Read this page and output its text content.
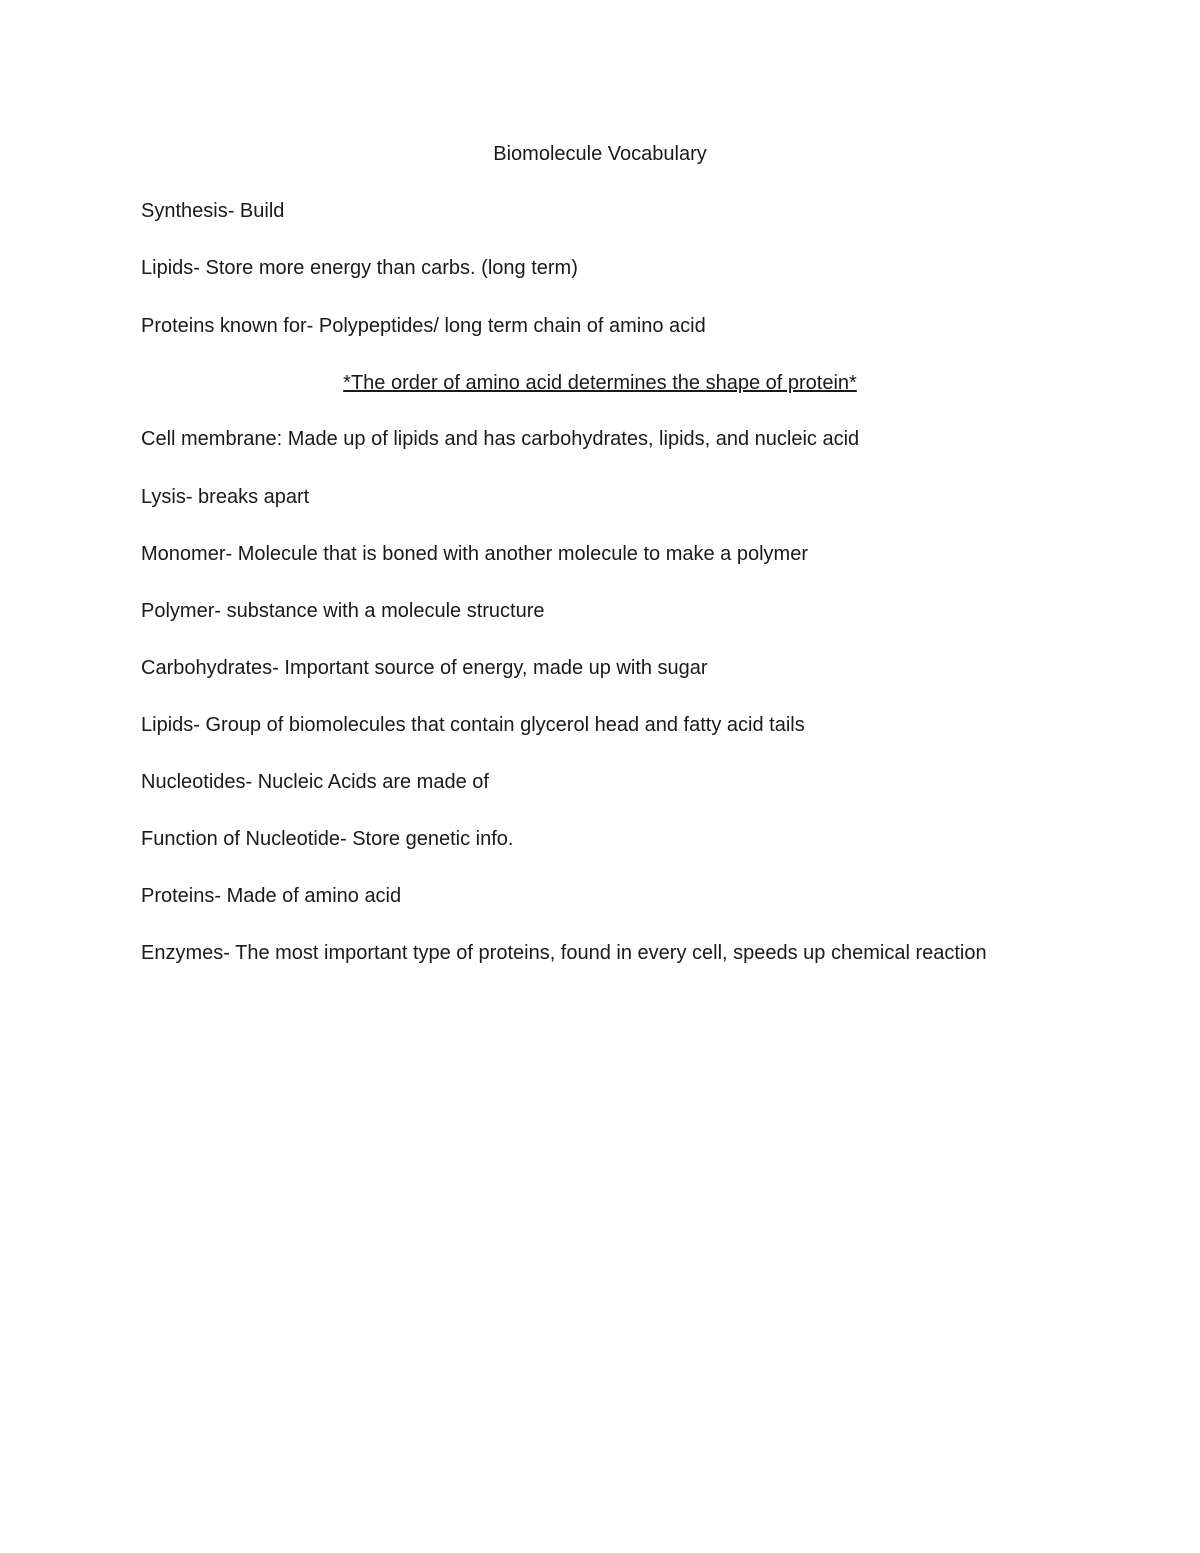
Biomolecule Vocabulary

Synthesis- Build

Lipids- Store more energy than carbs. (long term)

Proteins known for- Polypeptides/ long term chain of amino acid

*The order of amino acid determines the shape of protein*

Cell membrane: Made up of lipids and has carbohydrates, lipids, and nucleic acid

Lysis- breaks apart

Monomer- Molecule that is boned with another molecule to make a polymer

Polymer- substance with a molecule structure

Carbohydrates- Important source of energy, made up with sugar

Lipids- Group of biomolecules that contain glycerol head and fatty acid tails

Nucleotides- Nucleic Acids are made of

Function of Nucleotide- Store genetic info.

Proteins- Made of amino acid

Enzymes- The most important type of proteins, found in every cell, speeds up chemical reaction
